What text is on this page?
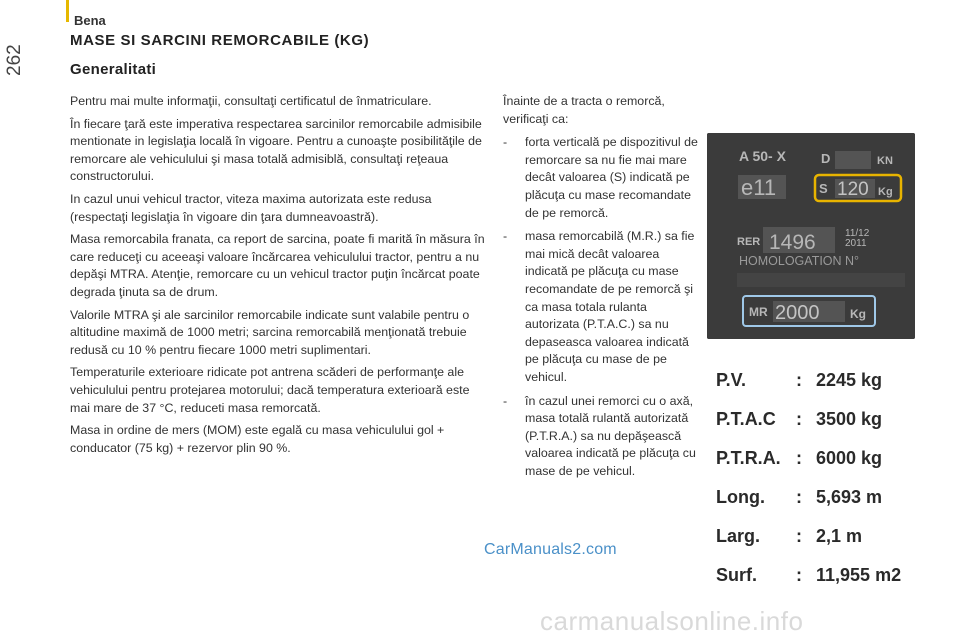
Bena
262
MASE SI SARCINI REMORCABILE (KG)
Generalitati

Pentru mai multe informaţii, consultaţi certificatul de înmatriculare.

În fiecare ţară este imperativa respectarea sarcinilor remorcabile admisibile mentionate in legislaţia locală în vigoare. Pentru a cunoaşte posibilităţile de remorcare ale vehiculului şi masa totală admisiblă, consultaţi reţeaua constructorului.

In cazul unui vehicul tractor, viteza maxima autorizata este redusa (respectaţi legislaţia în vigoare din ţara dumneavoastră).

Masa remorcabila franata, ca report de sarcina, poate fi marită în măsura în care reduceţi cu aceeaşi valoare încărcarea vehiculului tractor, pentru a nu depăşi MTRA. Atenţie, remorcare cu un vehicul tractor puţin încărcat poate degrada ţinuta sa de drum.

Valorile MTRA şi ale sarcinilor remorcabile indicate sunt valabile pentru o altitudine maximă de 1000 metri; sarcina remorcabilă menţionată trebuie redusă cu 10 % pentru fiecare 1000 metri suplimentari.

Temperaturile exterioare ridicate pot antrena scăderi de performanţe ale vehiculului pentru protejarea motorului; dacă temperatura exterioară este mai mare de 37 °C, reduceti masa remorcată.

Masa in ordine de mers (MOM) este egală cu masa vehiculului gol + conducator (75 kg) + rezervor plin 90 %.

Înainte de a tracta o remorcă, verificaţi ca:

- forta verticală pe dispozitivul de remorcare sa nu fie mai mare decât valoarea (S) indicată pe plăcuţa cu mase recomandate de pe remorcă.
- masa remorcabilă (M.R.) sa fie mai mică decât valoarea indicată pe plăcuţa cu mase recomandate de pe remorcă şi ca masa totala rulanta autorizata (P.T.A.C.) sa nu depaseasca valoarea indicată pe plăcuţa cu mase de pe vehicul.
- în cazul unei remorci cu o axă, masa totală rulantă autorizată (P.T.R.A.) sa nu depăşească valoarea indicată pe plăcuţa cu mase de pe vehicul.
A 50- X	D	KN
e11	S 120 Kg
RER 1496	11/12
2011
HOMOLOGATION N°
MR 2000	Kg
P.V.	: 2245 kg
P.T.A.C : 3500 kg
P.T.R.A. : 6000 kg
Long. : 5,693 m
Larg. : 2,1 m
Surf. : 11,955 m2
CarManuals2.com
carmanualsonline.info
